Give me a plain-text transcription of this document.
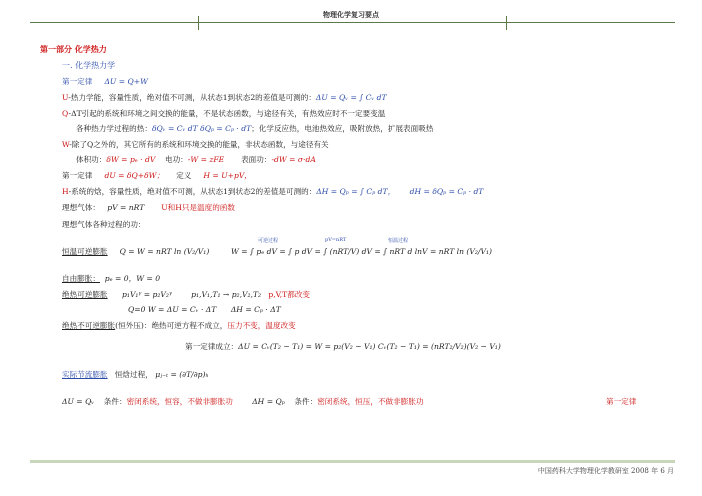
物理化学复习要点
第一部分 化学热力
一. 化学热力学
第一定律 ΔU = Q+W
U-热力学能，容量性质，绝对值不可测，从状态1到状态2的差值是可测的：ΔU = Qᵥ = ∫ Cᵥ dT
Q-ΔT引起的系统和环境之间交换的能量，不是状态函数，与途径有关，有热效应时不一定要变温
各种热力学过程的热：δQᵥ = Cᵥ dT δQₚ = Cₚ · dT；化学反应热，电池热效应，吸附放热，扩展表面吸热
W-除了Q之外的，其它所有的系统和环境交换的能量，非状态函数，与途径有关
体积功：δW = pₑ · dV 电功：-W = zFE 表面功：-dW = σ·dA
第一定律 dU = δQ+δW； 定义 H = U+pV，
H-系统的焓，容量性质，绝对值不可测，从状态1到状态2的差值是可测的：ΔH = Qₚ = ∫ Cₚ dT， dH = δQₚ = Cₚ · dT
理想气体： pV = nRT U和H只是温度的函数
理想气体各种过程的功：
可逆过程	pV=nRT	恒温过程
恒温可逆膨胀 Q = W = nRT ln (V₂/V₁)	W = ∫ pₑ dV = ∫ p dV = ∫ (nRT/V) dV = ∫ nRT d lnV = nRT ln (V₂/V₁)
自由膨胀： pₑ = 0，W = 0
绝热可逆膨胀 p₁V₁ᵞ = p₂V₂ᵞ	p₁,V₁,T₁ → p₂,V₂,T₂ p,V,T都改变
Q=0 W = ΔU = Cᵥ · ΔT ΔH = Cₚ · ΔT
绝热不可逆膨胀(恒外压)：绝热可逆方程不成立，压力不变，温度改变
第一定律成立：ΔU = Cᵥ(T₂ − T₁) = W = p₂(V₂ − V₁) Cᵥ(T₂ − T₁) = (nRT₂/V₂)(V₂ − V₁)
实际节流膨胀 恒焓过程， μⱼ₋ₜ = (∂T/∂p)ₕ
ΔU = Qᵥ 条件：密闭系统，恒容，不做非膨胀功	ΔH = Qₚ 条件：密闭系统，恒压，不做非膨胀功	第一定律
中国药科大学物理化学教研室 2008 年 6 月
